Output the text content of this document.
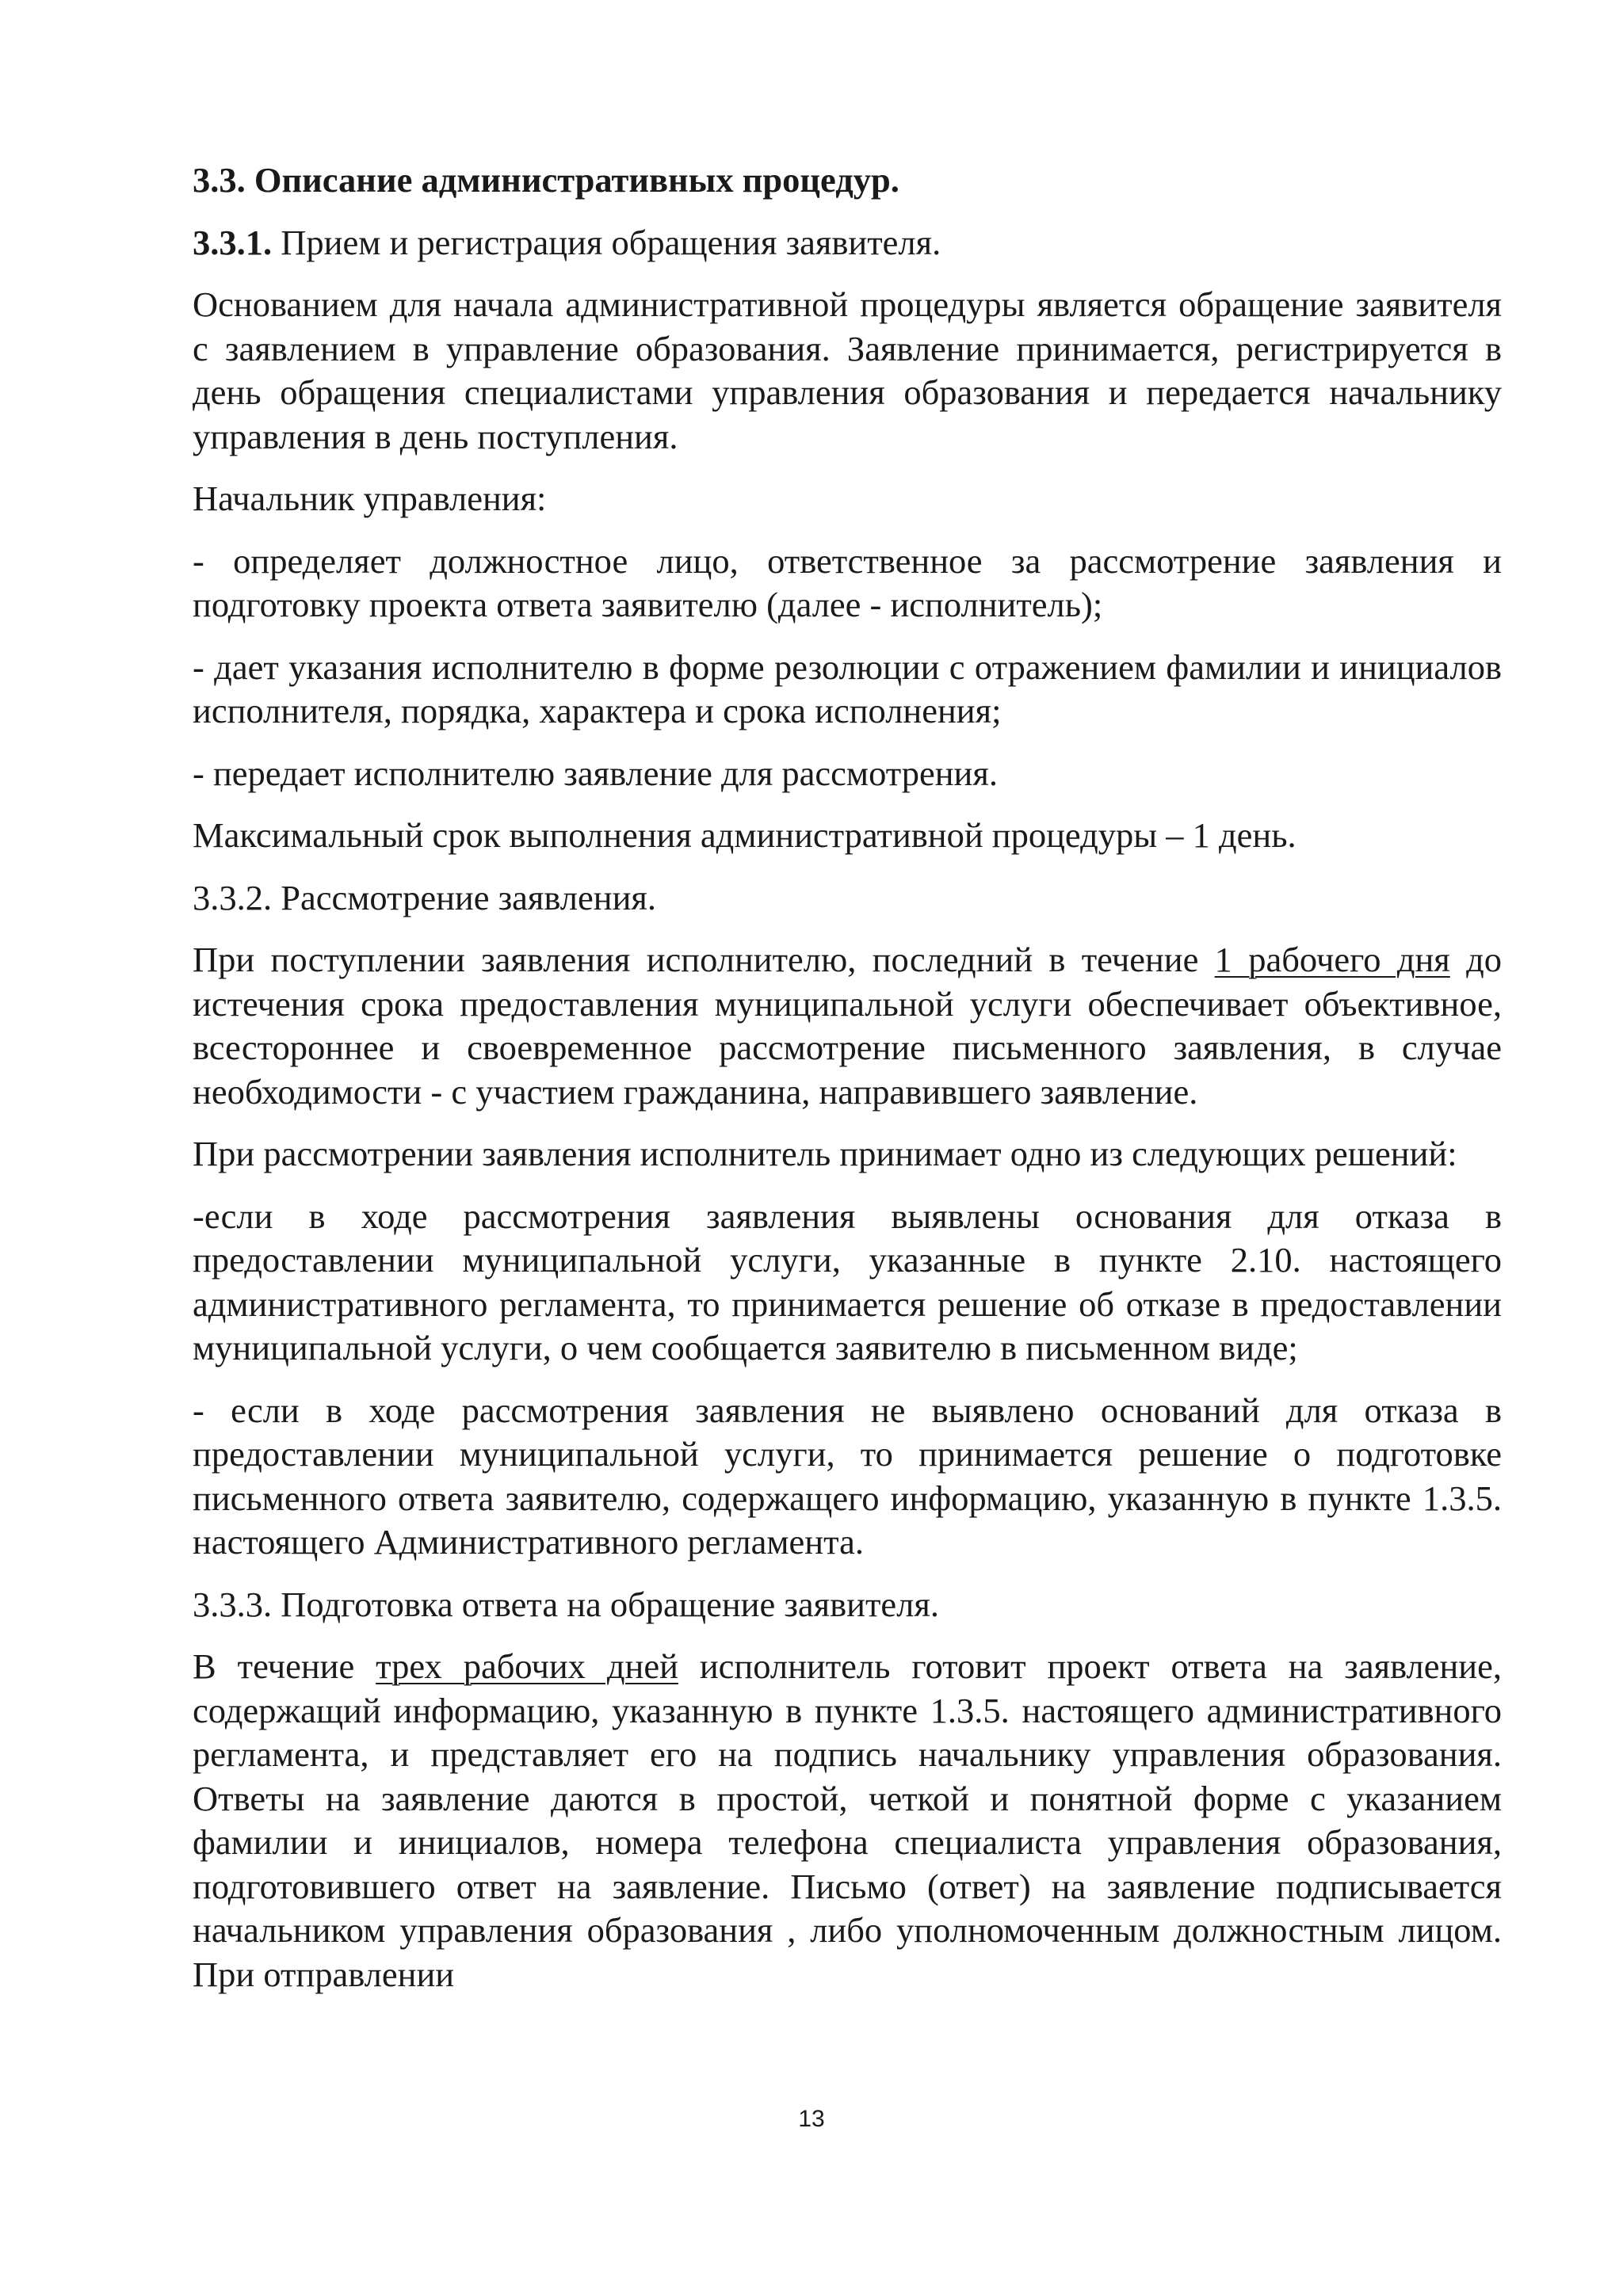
3.3. Описание административных процедур.

3.3.1. Прием и регистрация обращения заявителя.

Основанием для начала административной процедуры является обращение заявителя с заявлением в управление образования. Заявление принимается, регистрируется в день обращения специалистами управления образования и передается начальнику управления в день поступления.

Начальник управления:

- определяет должностное лицо, ответственное за рассмотрение заявления и подготовку проекта ответа заявителю (далее - исполнитель);

- дает указания исполнителю в форме резолюции с отражением фамилии и инициалов исполнителя, порядка, характера и срока исполнения;

- передает исполнителю заявление для рассмотрения.

Максимальный срок выполнения административной процедуры – 1 день.

3.3.2. Рассмотрение заявления.

При поступлении заявления исполнителю, последний в течение 1 рабочего дня до истечения срока предоставления муниципальной услуги обеспечивает объективное, всестороннее и своевременное рассмотрение письменного заявления, в случае необходимости - с участием гражданина, направившего заявление.

При рассмотрении заявления исполнитель принимает одно из следующих решений:

-если в ходе рассмотрения заявления выявлены основания для отказа в предоставлении муниципальной услуги, указанные в пункте 2.10. настоящего административного регламента, то принимается решение об отказе в предоставлении муниципальной услуги, о чем сообщается заявителю в письменном виде;

- если в ходе рассмотрения заявления не выявлено оснований для отказа в предоставлении муниципальной услуги, то принимается решение о подготовке письменного ответа заявителю, содержащего информацию, указанную в пункте 1.3.5. настоящего Административного регламента.

3.3.3. Подготовка ответа на обращение заявителя.

В течение трех рабочих дней исполнитель готовит проект ответа на заявление, содержащий информацию, указанную в пункте 1.3.5. настоящего административного регламента, и представляет его на подпись начальнику управления образования. Ответы на заявление даются в простой, четкой и понятной форме с указанием фамилии и инициалов, номера телефона специалиста управления образования, подготовившего ответ на заявление. Письмо (ответ) на заявление подписывается начальником управления образования , либо уполномоченным должностным лицом. При отправлении

13
